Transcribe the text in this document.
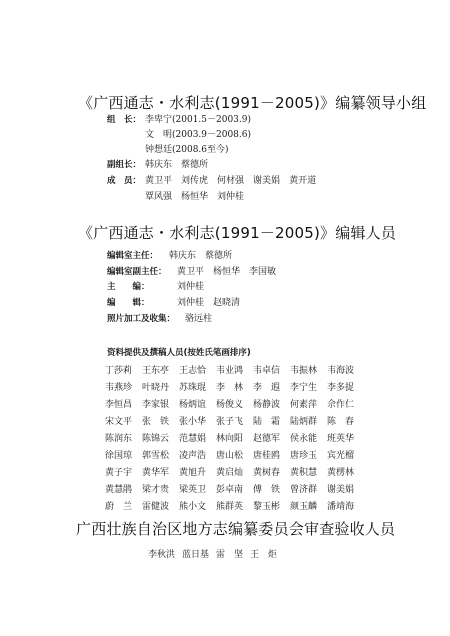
《广西通志・水利志(1991－2005)》编纂领导小组
组　长： 李卑宁(2001.5－2003.9)
文　明(2003.9－2008.6)
钟想廷(2008.6至今)
副组长： 韩庆东 蔡德所
成　员： 黄卫平 刘传虎 何材强 谢美娟 黄开道
覃风强 杨恒华 刘仲桂
《广西通志・水利志(1991－2005)》编辑人员
编辑室主任： 韩庆东 蔡德所
编辑室副主任： 黄卫平 杨恒华 李国敏
主　　编：	刘仲桂
编　　辑：	刘仲桂 赵晓清
照片加工及收集： 骆远柱
资料提供及撰稿人员(按姓氏笔画排序)
丁莎莉 王东亭 王志恰 韦业鸿 韦卓信 韦振林 韦海波
韦燕珍 叶晓丹 苏珠琨 李　林 李　遐 李宁生 李多捉
李恒昌 李家银 杨炳谊 杨俊义 杨静波 何素萍 佘作仁
宋文平 张　铁 张小华 张子飞 陆　霜 陆炳群 陈　春
陈润东 陈锦云 范慧娟 林向阳 赵德军 侯永能 班英华
徐国琼 郭雪松 凌声浩 唐山松 唐桂鸥 唐珍玉 宾光榴
黄子宇 黄华军 黄旭升 黄启灿 黄树春 黄积慧 黄楞林
黄慧鹃 梁才贵 梁英卫 彭卓南 傅　铁 曾济群 谢美娟
蔚　兰 雷健波 熊小文 熊群英 黎玉彬 颜玉麟 潘靖海
广西壮族自治区地方志编纂委员会审查验收人员
李秋洪 蓝日基 雷　坚 王　炬
